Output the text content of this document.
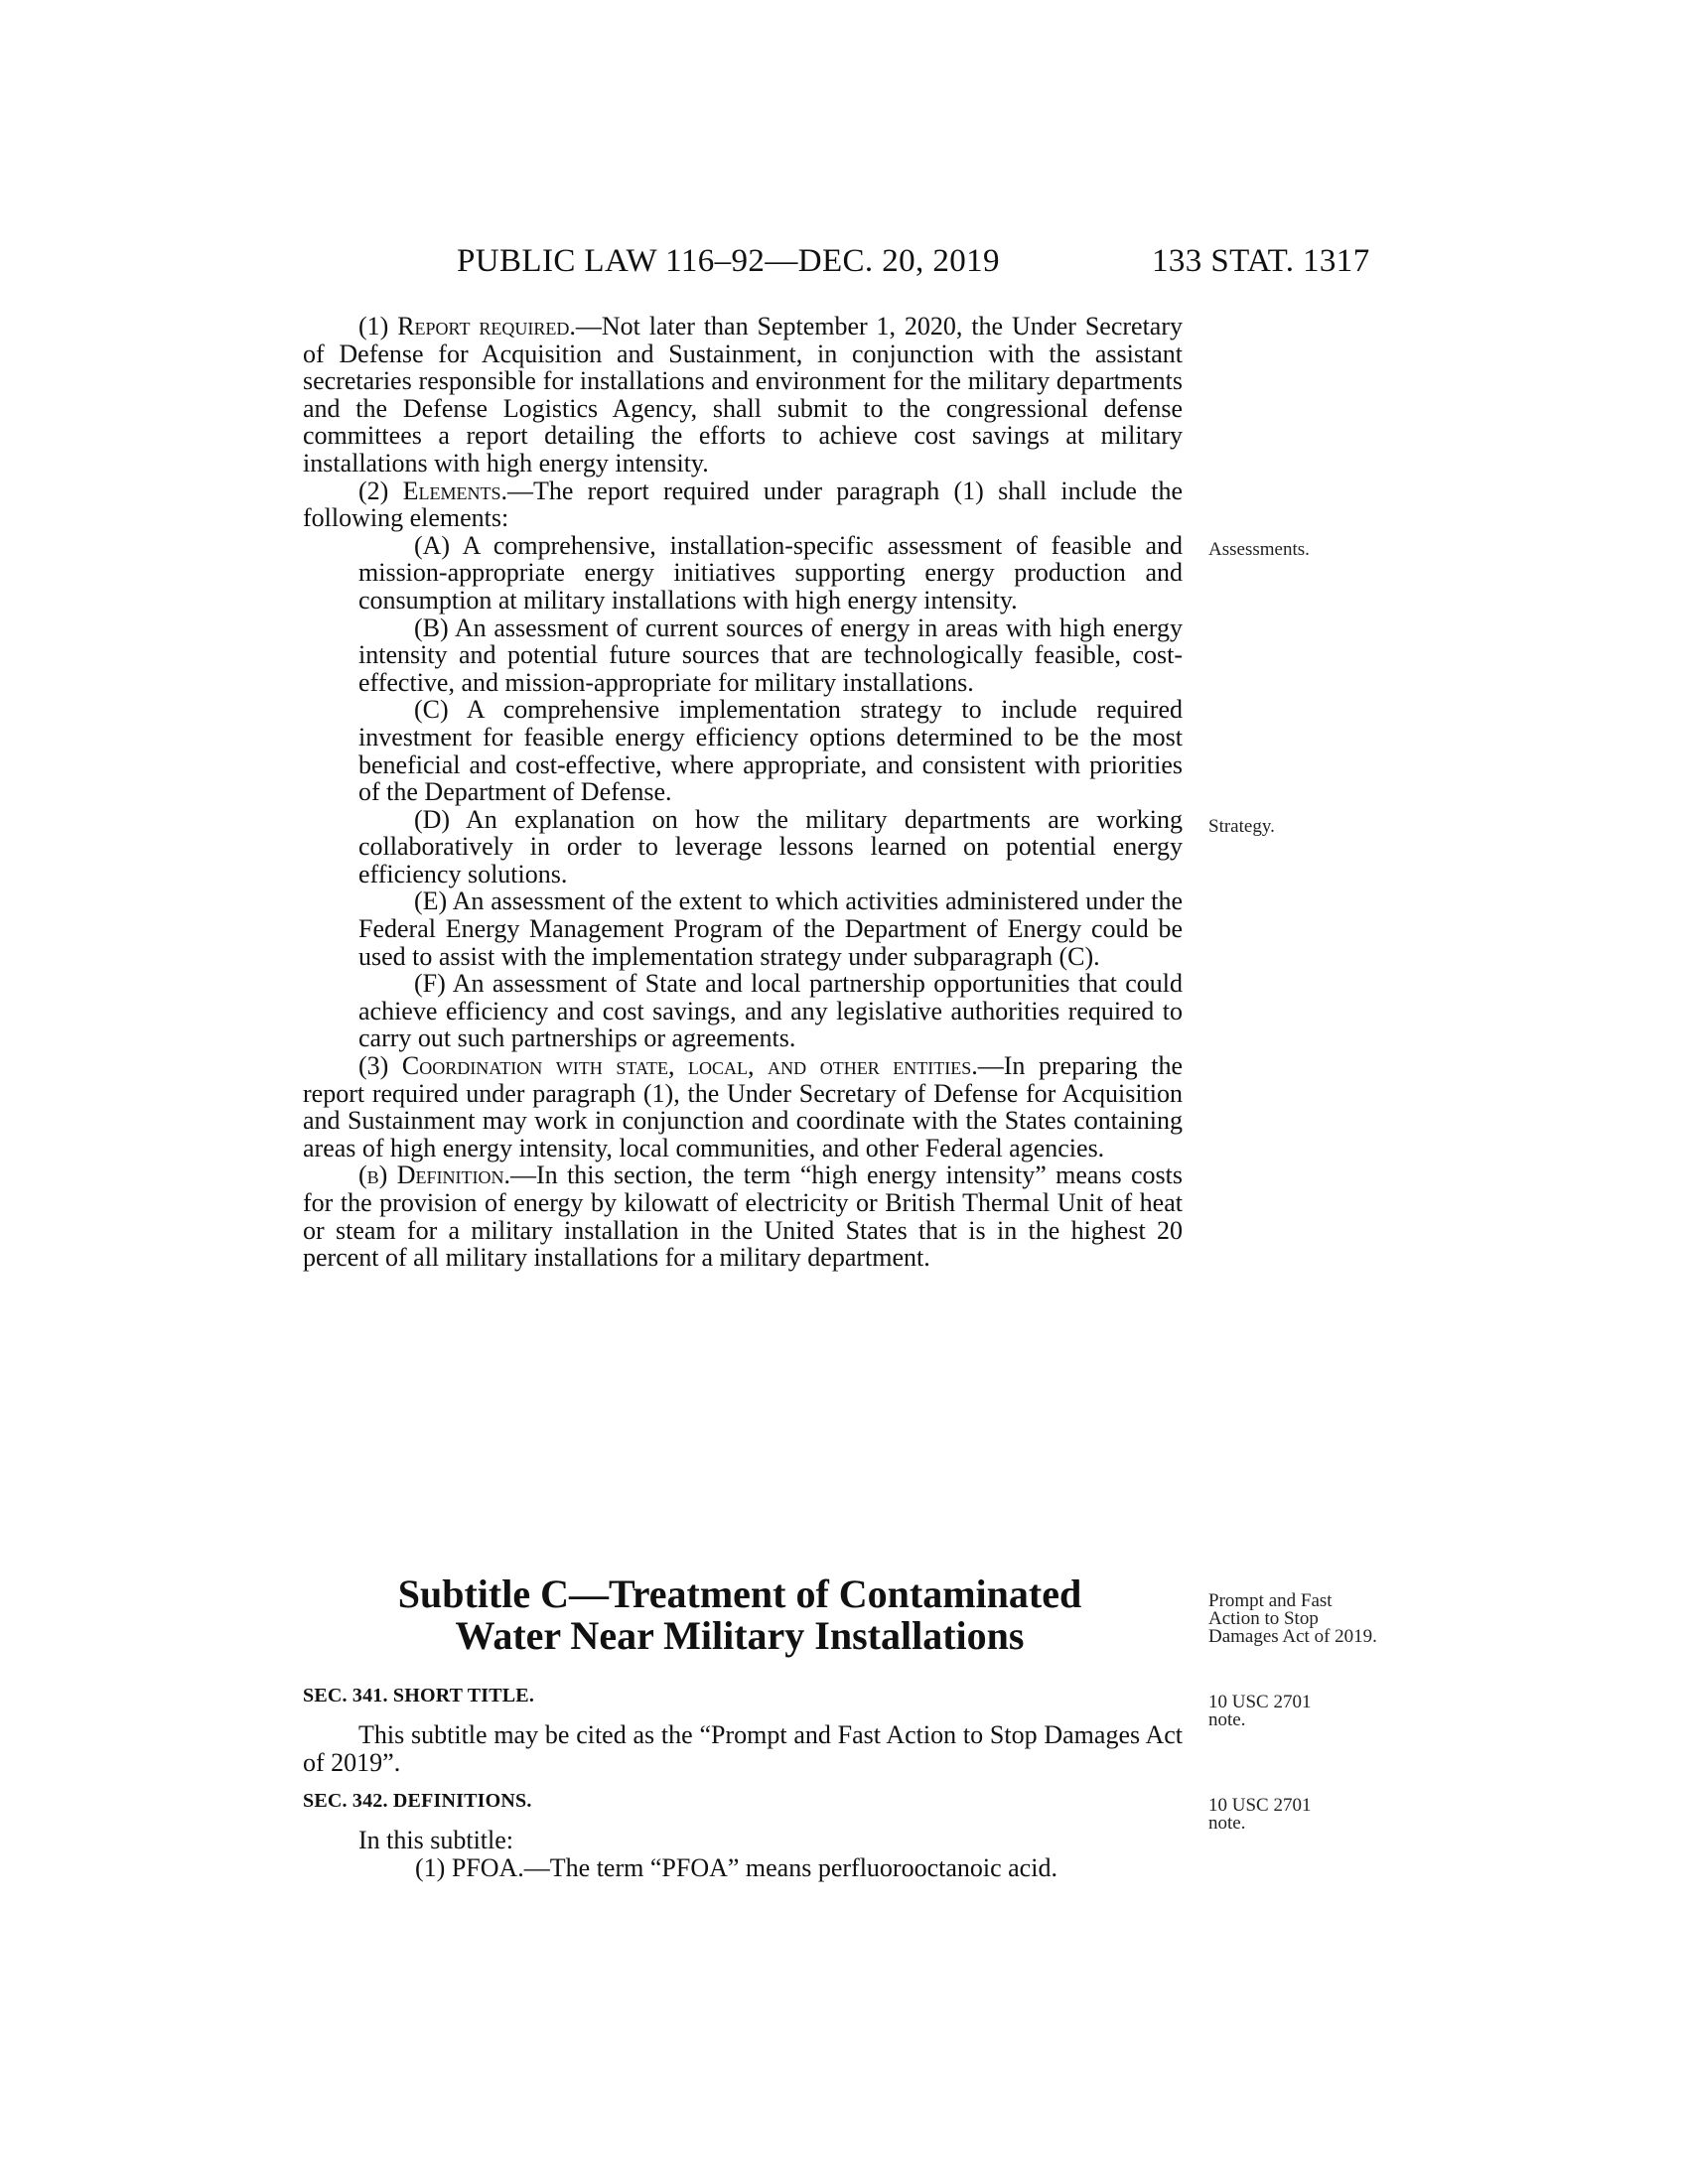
PUBLIC LAW 116–92—DEC. 20, 2019	133 STAT. 1317

(1) Report required.—Not later than September 1, 2020, the Under Secretary of Defense for Acquisition and Sustainment, in conjunction with the assistant secretaries responsible for installations and environment for the military departments and the Defense Logistics Agency, shall submit to the congressional defense committees a report detailing the efforts to achieve cost savings at military installations with high energy intensity.

(2) Elements.—The report required under paragraph (1) shall include the following elements:

(A) A comprehensive, installation-specific assessment of feasible and mission-appropriate energy initiatives supporting energy production and consumption at military installations with high energy intensity.

(B) An assessment of current sources of energy in areas with high energy intensity and potential future sources that are technologically feasible, cost-effective, and mission-appropriate for military installations.

(C) A comprehensive implementation strategy to include required investment for feasible energy efficiency options determined to be the most beneficial and cost-effective, where appropriate, and consistent with priorities of the Department of Defense.

(D) An explanation on how the military departments are working collaboratively in order to leverage lessons learned on potential energy efficiency solutions.

(E) An assessment of the extent to which activities administered under the Federal Energy Management Program of the Department of Energy could be used to assist with the implementation strategy under subparagraph (C).

(F) An assessment of State and local partnership opportunities that could achieve efficiency and cost savings, and any legislative authorities required to carry out such partnerships or agreements.

(3) Coordination with state, local, and other entities.—In preparing the report required under paragraph (1), the Under Secretary of Defense for Acquisition and Sustainment may work in conjunction and coordinate with the States containing areas of high energy intensity, local communities, and other Federal agencies.

(b) Definition.—In this section, the term “high energy intensity” means costs for the provision of energy by kilowatt of electricity or British Thermal Unit of heat or steam for a military installation in the United States that is in the highest 20 percent of all military installations for a military department.

Subtitle C—Treatment of Contaminated
Water Near Military Installations

SEC. 341. SHORT TITLE.

This subtitle may be cited as the “Prompt and Fast Action to Stop Damages Act of 2019”.

SEC. 342. DEFINITIONS.

In this subtitle:

(1) PFOA.—The term “PFOA” means perfluorooctanoic acid.

Assessments.
Strategy.
Prompt and Fast Action to Stop Damages Act of 2019.
10 USC 2701
note.
10 USC 2701
note.
